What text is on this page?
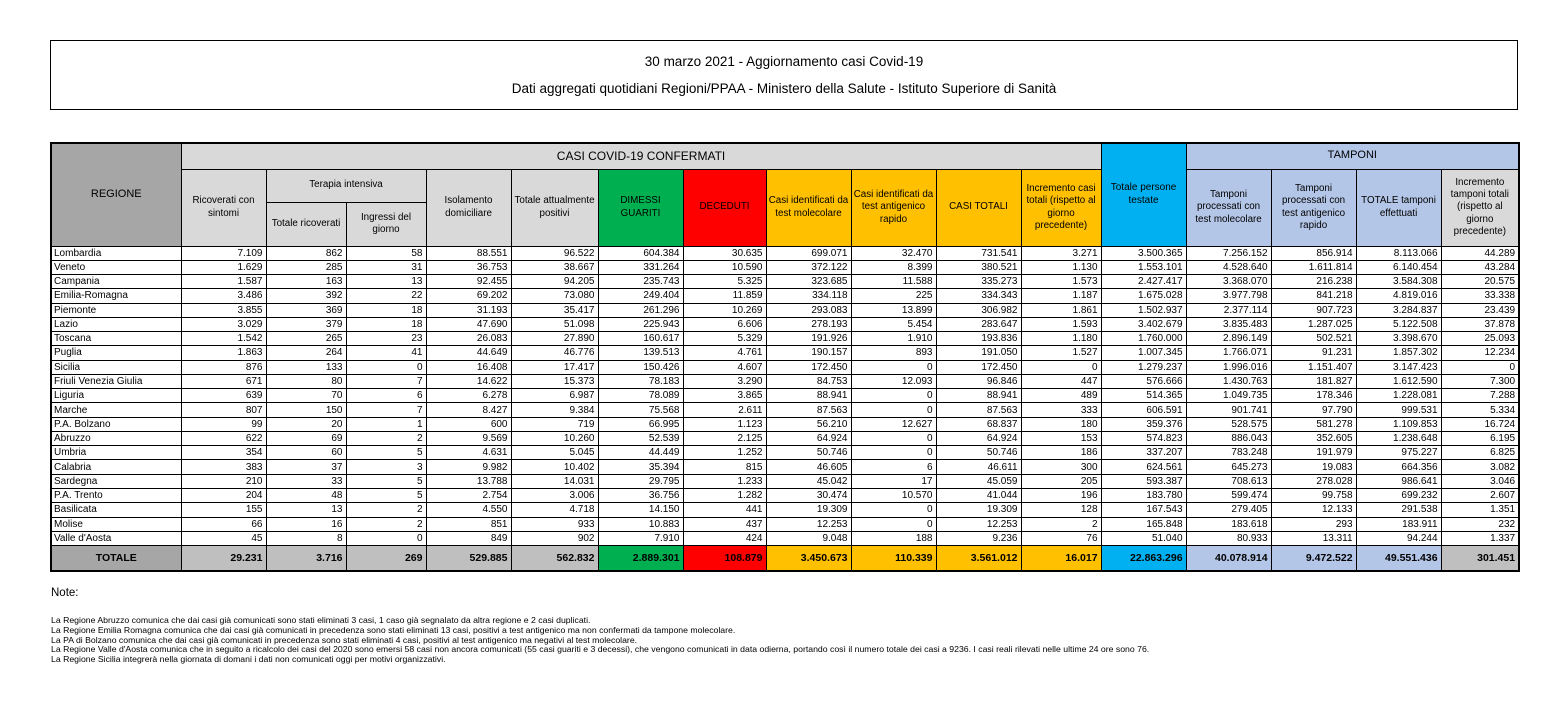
30 marzo 2021 - Aggiornamento casi Covid-19
Dati aggregati quotidiani Regioni/PPAA - Ministero della Salute - Istituto Superiore di Sanità
REGIONE	CASI COVID-19 CONFERMATI											Totale persone testate	TAMPONI			
	Ricoverati con sintomi	Terapia intensiva		Isolamento domiciliare	Totale attualmente positivi	DIMESSI GUARITI	DECEDUTI	Casi identificati da test molecolare	Casi identificati da test antigenico rapido	CASI TOTALI	Incremento casi totali (rispetto al giorno precedente)		Tamponi processati con test molecolare	Tamponi processati con test antigenico rapido	TOTALE tamponi effettuati	Incremento tamponi totali (rispetto al giorno precedente)
		Totale ricoverati	Ingressi del giorno													
Lombardia	7.109	862	58	88.551	96.522	604.384	30.635	699.071	32.470	731.541	3.271	3.500.365	7.256.152	856.914	8.113.066	44.289
Veneto	1.629	285	31	36.753	38.667	331.264	10.590	372.122	8.399	380.521	1.130	1.553.101	4.528.640	1.611.814	6.140.454	43.284
Campania	1.587	163	13	92.455	94.205	235.743	5.325	323.685	11.588	335.273	1.573	2.427.417	3.368.070	216.238	3.584.308	20.575
Emilia-Romagna	3.486	392	22	69.202	73.080	249.404	11.859	334.118	225	334.343	1.187	1.675.028	3.977.798	841.218	4.819.016	33.338
Piemonte	3.855	369	18	31.193	35.417	261.296	10.269	293.083	13.899	306.982	1.861	1.502.937	2.377.114	907.723	3.284.837	23.439
Lazio	3.029	379	18	47.690	51.098	225.943	6.606	278.193	5.454	283.647	1.593	3.402.679	3.835.483	1.287.025	5.122.508	37.878
Toscana	1.542	265	23	26.083	27.890	160.617	5.329	191.926	1.910	193.836	1.180	1.760.000	2.896.149	502.521	3.398.670	25.093
Puglia	1.863	264	41	44.649	46.776	139.513	4.761	190.157	893	191.050	1.527	1.007.345	1.766.071	91.231	1.857.302	12.234
Sicilia	876	133	0	16.408	17.417	150.426	4.607	172.450	0	172.450	0	1.279.237	1.996.016	1.151.407	3.147.423	0
Friuli Venezia Giulia	671	80	7	14.622	15.373	78.183	3.290	84.753	12.093	96.846	447	576.666	1.430.763	181.827	1.612.590	7.300
Liguria	639	70	6	6.278	6.987	78.089	3.865	88.941	0	88.941	489	514.365	1.049.735	178.346	1.228.081	7.288
Marche	807	150	7	8.427	9.384	75.568	2.611	87.563	0	87.563	333	606.591	901.741	97.790	999.531	5.334
P.A. Bolzano	99	20	1	600	719	66.995	1.123	56.210	12.627	68.837	180	359.376	528.575	581.278	1.109.853	16.724
Abruzzo	622	69	2	9.569	10.260	52.539	2.125	64.924	0	64.924	153	574.823	886.043	352.605	1.238.648	6.195
Umbria	354	60	5	4.631	5.045	44.449	1.252	50.746	0	50.746	186	337.207	783.248	191.979	975.227	6.825
Calabria	383	37	3	9.982	10.402	35.394	815	46.605	6	46.611	300	624.561	645.273	19.083	664.356	3.082
Sardegna	210	33	5	13.788	14.031	29.795	1.233	45.042	17	45.059	205	593.387	708.613	278.028	986.641	3.046
P.A. Trento	204	48	5	2.754	3.006	36.756	1.282	30.474	10.570	41.044	196	183.780	599.474	99.758	699.232	2.607
Basilicata	155	13	2	4.550	4.718	14.150	441	19.309	0	19.309	128	167.543	279.405	12.133	291.538	1.351
Molise	66	16	2	851	933	10.883	437	12.253	0	12.253	2	165.848	183.618	293	183.911	232
Valle d'Aosta	45	8	0	849	902	7.910	424	9.048	188	9.236	76	51.040	80.933	13.311	94.244	1.337
TOTALE	29.231	3.716	269	529.885	562.832	2.889.301	108.879	3.450.673	110.339	3.561.012	16.017	22.863.296	40.078.914	9.472.522	49.551.436	301.451
Note:
La Regione Abruzzo comunica che dai casi già comunicati sono stati eliminati 3 casi, 1 caso già segnalato da altra regione e 2 casi duplicati.
La Regione Emilia Romagna comunica che dai casi già comunicati in precedenza sono stati eliminati 13 casi, positivi a test antigenico ma non confermati da tampone molecolare.
La PA di Bolzano comunica che dai casi già comunicati in precedenza sono stati eliminati 4 casi, positivi al test antigenico ma negativi al test molecolare.
La Regione Valle d'Aosta comunica che in seguito a ricalcolo dei casi del 2020 sono emersi 58 casi non ancora comunicati (55 casi guariti e 3 decessi), che vengono comunicati in data odierna, portando così il numero totale dei casi a 9236. I casi reali rilevati nelle ultime 24 ore sono 76.
La Regione Sicilia integrerà nella giornata di domani i dati non comunicati oggi per motivi organizzativi.
